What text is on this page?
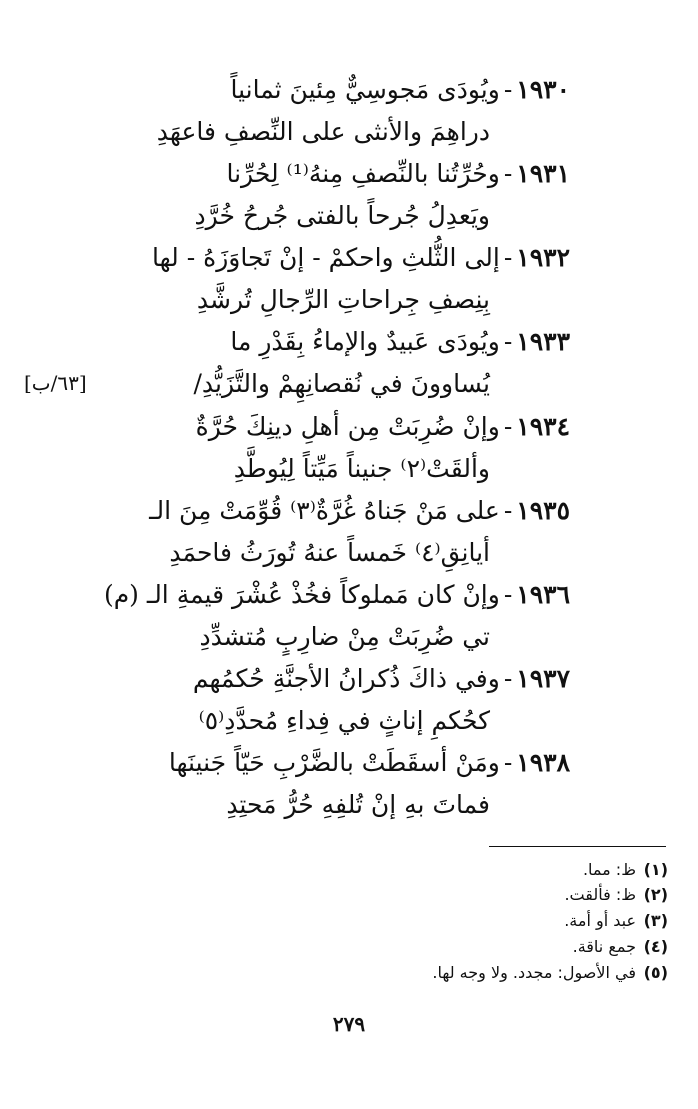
١٩٣٠-ويُودَى مَجوسِيٌّ مِئينَ ثمانياً
دراهِمَ والأنثى على النِّصفِ فاعهَدِ
١٩٣١-وحُرِّتُنا بالنِّصفِ مِنهُ⁽¹⁾ لِحُرِّنا
ويَعدِلُ جُرحاً بالفتى جُرحُ خُرَّدِ
١٩٣٢-إلى الثُّلثِ واحكمْ - إنْ تَجاوَزَهُ - لها
بِنِصفِ جِراحاتِ الرِّجالِ تُرشَّدِ
١٩٣٣-ويُودَى عَبيدٌ والإماءُ بِقَدْرِ ما
يُساوونَ في نُقصانِهِمْ والتَّزَيُّدِ/
[٦٣/ب]
١٩٣٤-وإنْ ضُرِبَتْ مِن أهلِ دينِكَ حُرَّةٌ
وألقَتْ⁽٢⁾ جنيناً مَيِّتاً لِيُوطَّدِ
١٩٣٥-على مَنْ جَناهُ غُرَّةٌ⁽٣⁾ قُوِّمَتْ مِنَ الـ
أيانِقِ⁽٤⁾ خَمساً عنهُ تُورَثُ فاحمَدِ
١٩٣٦-وإنْ كان مَملوكاً فخُذْ عُشْرَ قيمةِ الـ (م)
تي ضُرِبَتْ مِنْ ضارِبٍ مُتشدِّدِ
١٩٣٧-وفي ذاكَ ذُكرانُ الأجنَّةِ حُكمُهم
كحُكمِ إناثٍ في فِداءِ مُحدَّدِ⁽٥⁾
١٩٣٨-ومَنْ أسقَطَتْ بالضَّرْبِ حَيّاً جَنينَها
فماتَ بهِ إنْ تُلفِهِ حُرُّ مَحتِدِ
(١)ظ: مما.
(٢)ظ: فألقت.
(٣)عبد أو أمة.
(٤)جمع ناقة.
(٥)في الأصول: مجدد. ولا وجه لها.
٢٧٩
